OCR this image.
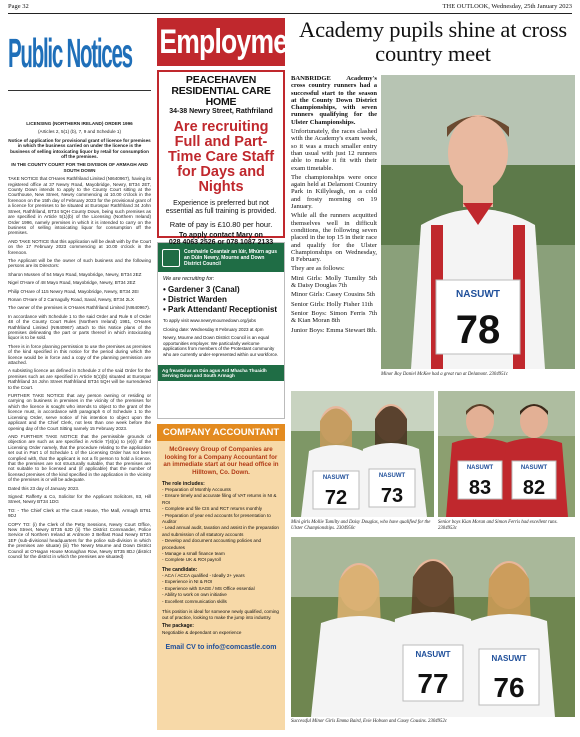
Page 32	THE OUTLOOK, Wednesday, 25th January 2023
Public Notices

LICENSING (NORTHERN IRELAND) ORDER 1996

(Articles 2, 5(1) (b), 7, 9 and Schedule 1)

Notice of application for provisional grant of licence for premises in which the business carried on under the licence is the business of selling intoxicating liquor by retail for consumption off the premises.

IN THE COUNTY COURT FOR THE DIVISION OF ARMAGH AND SOUTH DOWN

TAKE NOTICE that O'Hares Rathfriland Limited (NI640967), having its registered office at 37 Newry Road, Mayobridge, Newry, BT34 2ET, County Down intends to apply to the County Court sitting at the Courthouse, New Street, Newry commencing at 10.00 o'clock in the forenoon on the 15th day of February 2023 for the provisional grant of a licence for premises to be situated at Eurospar Rathfriland 34 John Street, Rathfriland, BT34 5QH County Down, being such premises as are specified in Article 5(1)(b) of the Licensing (Northern Ireland) Order 1996, namely premises in which it is intended to carry on the business of selling intoxicating liquor for consumption off the premises.

AND TAKE NOTICE that this application will be dealt with by the Court on the 17 February 2023 commencing at 10.00 o'clock in the forenoon.

The Applicant will be the owner of such business and the following persons are its Directors:

Sharon Mussen of 54 Mayo Road, Mayobridge, Newry, BT34 2EZ

Nigel O'Hare of 48 Mayo Road, Mayobridge, Newry, BT34 2EZ

Philip O'Hare of 115 Newry Road, Mayobridge, Newry, BT34 2EI

Ronan O'Hare of 2 Carnagully Road, Saval, Newry, BT34 2LX

The owner of the premises is O'Hares Rathfriland Limited (NI640967).

In accordance with Schedule 1 to the said Order and Rule 6 of Order 48 of the County Court Rules (Northern Ireland) 1981, O'Hares Rathfriland Limited (NI640967) attach to this Notice plans of the premises delineating the part or parts thereof in which intoxicating liquor is to be sold.

There is in force planning permission to use the premises as premises of the kind specified in this notice for the period during which the licence would be in force and a copy of the planning permission are attached.

A subsisting licence as defined in Schedule 2 of the said Order for the premises such as are specified in Article 5(1)(b) situated at Eurospar Rathfriland 34 John Street Rathfriland BT34 5QH will be surrendered to the Court.

FURTHER TAKE NOTICE that any person owning or residing or carrying on business in premises in the vicinity of the premises for which the licence is sought who intends to object to the grant of the licence must, in accordance with paragraph 6 of Schedule 1 to the Licensing Order, serve notice of his intention to object upon the applicant and the Chief Clerk, not less than one week before the opening day of the Court Sitting namely 15 February 2023.

AND FURTHER TAKE NOTICE that the permissible grounds of objection are such as are specified in Article 7(4)(a) to (e)(i) of the Licensing Order namely, that the procedure relating to the application set out in Part 1 of Schedule 1 of the Licensing Order has not been complied with, that the applicant is not a fit person to hold a licence, that the premises are not structurally suitable, that the premises are not suitable to be licensed and (if applicable) that the number of licensed premises of the kind specified in the application in the vicinity of the premises is or will be adequate.

Dated this 23 day of January 2023.

Signed: Rafferty & Co, Solicitor for the Applicant Solicitors, 83, Hill Street, Newry BT34 1DG

TO: - The Chief Clerk at The Court House, The Mall, Armagh BT61 9DJ

COPY TO: (i) the Clerk of the Petty Sessions, Newry Court Office, New Street, Newry BT35 6JD (ii) The District Commander, Police Service of Northern Ireland at Ardmore 3 Belfast Road Newry BT34 1EF (sub-divisional headquarters for the police sub-division in which the premises are situate) (iii) The Newry Mourne and Down District Council at O'Hagan House Monaghan Row, Newry BT35 8DJ (district council for the district in which the premises are situated)

Employment
PEACEHAVEN RESIDENTIAL CARE HOME
34-38 Newry Street, Rathfriland
Are recruiting Full and Part-Time Care Staff for Days and Nights
Experience is preferred but not essential as full training is provided.
Rate of pay is £10.80 per hour.
To apply contact Mary on
028 4063 2526 or 078 1087 2133
Comhairle Ceantair an Iúir, Mhúrn agus an Dúin Newry, Mourne and Down District Council
We are recruiting for:
• Gardener 3 (Canal)
• District Warden
• Park Attendant/ Receptionist
To apply visit www.newrymournedown.org/jobs
Closing date: Wednesday 8 February 2023 at 4pm
Newry, Mourne and Down District Council is an equal opportunities employer. We particularly welcome applications from members of the Protestant community who are currently under-represented within our workforce.
Ag freastal ar an Dún agus Ard Mhacha Thuaidh Serving Down and South Armagh
COMPANY ACCOUNTANT
McGreevy Group of Companies are looking for a Company Accountant for an immediate start at our head office in Hilltown, Co. Down.
The role includes:
- Preparation of Monthly Accounts
- Ensure timely and accurate filing of VAT returns in NI & ROI
- Complete and file CIS and RCT returns monthly
- Preparation of year end accounts for presentation to Auditor
- Lead annual audit, taxation and assist in the preparation and submission of all statutory accounts
- Develop and document accounting policies and procedures
- Manage a small finance team
- Complete UK & ROI payroll
The candidate:
- ACA / ACCA qualified - Ideally 2+ years
- Experience in NI & ROI
- Experience with SAGE / MS Office essential
- Ability to work on own initiative
- Excellent communication skills
This position is ideal for someone newly qualified, coming out of practice, looking to make the jump into industry.
The package:
Negotiable & dependant on experience
Email CV to info@comcastle.com
Academy pupils shine at cross country meet

BANBRIDGE Academy's cross country runners had a successful start to the season at the County Down District Championships, with seven runners qualifying for the Ulster Championships.

Unfortunately, the races clashed with the Academy's exam week, so it was a much smaller entry than usual with just 12 runners able to make it fit with their exam timetable.

The championships were once again held at Delamont Country Park in Killyleagh, on a cold and frosty morning on 19 January.

While all the runners acquitted themselves well in difficult conditions, the following seven placed in the top 15 in their race and qualify for the Ulster Championships on Wednesday, 8 February.

They are as follows:

Mini Girls: Molly Tumilty 5th & Daisy Douglas 7th

Minor Girls: Casey Cousins 5th

Senior Girls: Holly Fisher 11th

Senior Boys: Simon Ferris 7th & Kian Moran 8th

Junior Boys: Emma Stewart 8th.

NASUWT
78
Minor Boy Daniel McKee had a great run at Delamont. 2304951c
NASUWT	NASUWT
72 73
Mini girls Mollie Tumilty and Daisy Douglas, who have qualified for the Ulster Championships. 2304950c
NASUWT	NASUWT
83 82
Senior boys Kian Moran and Simon Ferris had excellent runs. 2304953c
NASUWT	NASUWT
77 76
Successful Minor Girls Emma Baird, Evie Hobson and Casey Cousins. 2304952c
